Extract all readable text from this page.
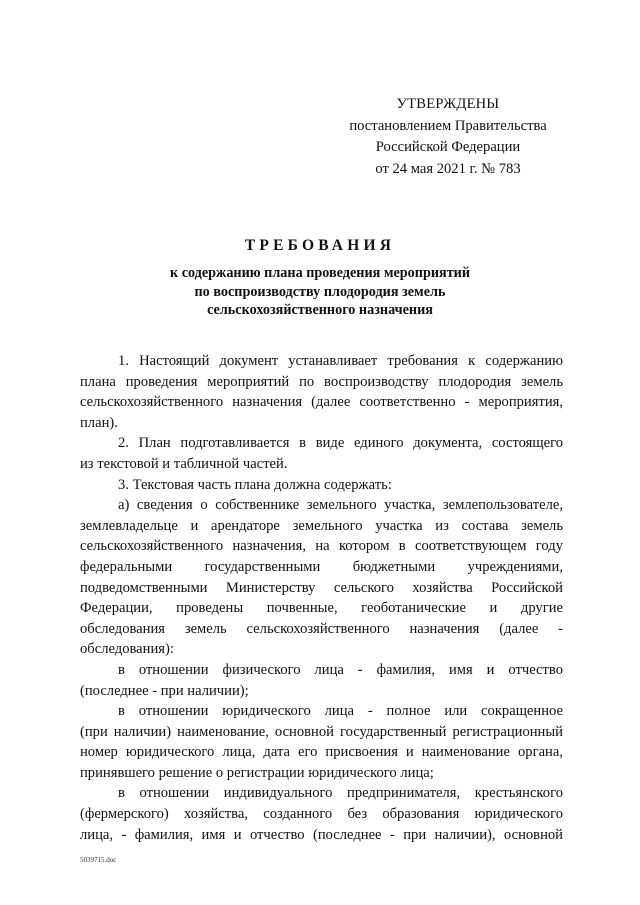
УТВЕРЖДЕНЫ
постановлением Правительства
Российской Федерации
от 24 мая 2021 г. № 783
ТРЕБОВАНИЯ
к содержанию плана проведения мероприятий
по воспроизводству плодородия земель
сельскохозяйственного назначения
1. Настоящий документ устанавливает требования к содержанию
плана проведения мероприятий по воспроизводству плодородия земель
сельскохозяйственного назначения (далее соответственно - мероприятия,
план).
2. План подготавливается в виде единого документа, состоящего
из текстовой и табличной частей.
3. Текстовая часть плана должна содержать:
а) сведения о собственнике земельного участка, землепользователе,
землевладельце и арендаторе земельного участка из состава земель
сельскохозяйственного назначения, на котором в соответствующем году
федеральными государственными бюджетными учреждениями,
подведомственными Министерству сельского хозяйства Российской
Федерации, проведены почвенные, геоботанические и другие
обследования земель сельскохозяйственного назначения (далее -
обследования):
в отношении физического лица - фамилия, имя и отчество
(последнее - при наличии);
в отношении юридического лица - полное или сокращенное
(при наличии) наименование, основной государственный регистрационный
номер юридического лица, дата его присвоения и наименование органа,
принявшего решение о регистрации юридического лица;
в отношении индивидуального предпринимателя, крестьянского
(фермерского) хозяйства, созданного без образования юридического
лица, - фамилия, имя и отчество (последнее - при наличии), основной
5039715.doc
